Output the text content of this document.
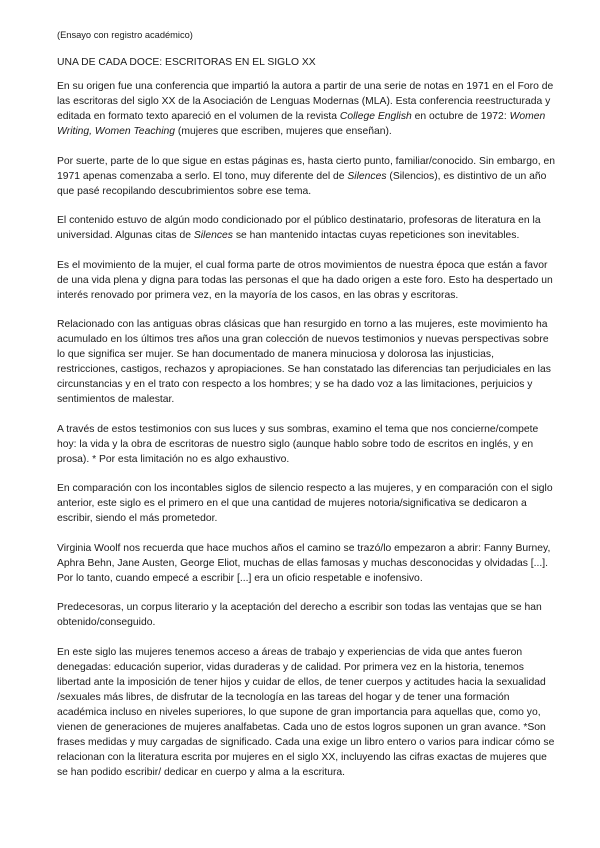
(Ensayo con registro académico)
UNA DE CADA DOCE: ESCRITORAS EN EL SIGLO XX

En su origen fue una conferencia que impartió la autora a partir de una serie de notas en 1971 en el Foro de las escritoras del siglo XX de la Asociación de Lenguas Modernas (MLA). Esta conferencia reestructurada y editada en formato texto apareció en el volumen de la revista College English en octubre de 1972: Women Writing, Women Teaching (mujeres que escriben, mujeres que enseñan).

Por suerte, parte de lo que sigue en estas páginas es, hasta cierto punto, familiar/conocido. Sin embargo, en 1971 apenas comenzaba a serlo. El tono, muy diferente del de Silences (Silencios), es distintivo de un año que pasé recopilando descubrimientos sobre ese tema.

El contenido estuvo de algún modo condicionado por el público destinatario, profesoras de literatura en la universidad. Algunas citas de Silences se han mantenido intactas cuyas repeticiones son inevitables.

Es el movimiento de la mujer, el cual forma parte de otros movimientos de nuestra época que están a favor de una vida plena y digna para todas las personas el que ha dado origen a este foro. Esto ha despertado un interés renovado por primera vez, en la mayoría de los casos, en las obras y escritoras.

Relacionado con las antiguas obras clásicas que han resurgido en torno a las mujeres, este movimiento ha acumulado en los últimos tres años una gran colección de nuevos testimonios y nuevas perspectivas sobre lo que significa ser mujer. Se han documentado de manera minuciosa y dolorosa las injusticias, restricciones, castigos, rechazos y apropiaciones. Se han constatado las diferencias tan perjudiciales en las circunstancias y en el trato con respecto a los hombres; y se ha dado voz a las limitaciones, perjuicios y sentimientos de malestar.

A través de estos testimonios con sus luces y sus sombras, examino el tema que nos concierne/compete hoy: la vida y la obra de escritoras de nuestro siglo (aunque hablo sobre todo de escritos en inglés, y en prosa). * Por esta limitación no es algo exhaustivo.

En comparación con los incontables siglos de silencio respecto a las mujeres, y en comparación con el siglo anterior, este siglo es el primero en el que una cantidad de mujeres notoria/significativa se dedicaron a escribir, siendo el más prometedor.

Virginia Woolf nos recuerda que hace muchos años el camino se trazó/lo empezaron a abrir: Fanny Burney, Aphra Behn, Jane Austen, George Eliot, muchas de ellas famosas y muchas desconocidas y olvidadas [...]. Por lo tanto, cuando empecé a escribir [...] era un oficio respetable e inofensivo.

Predecesoras, un corpus literario y la aceptación del derecho a escribir son todas las ventajas que se han obtenido/conseguido.

En este siglo las mujeres tenemos acceso a áreas de trabajo y experiencias de vida que antes fueron denegadas: educación superior, vidas duraderas y de calidad. Por primera vez en la historia, tenemos libertad ante la imposición de tener hijos y cuidar de ellos, de tener cuerpos y actitudes hacia la sexualidad /sexuales más libres, de disfrutar de la tecnología en las tareas del hogar y de tener una formación académica incluso en niveles superiores, lo que supone de gran importancia para aquellas que, como yo, vienen de generaciones de mujeres analfabetas. Cada uno de estos logros suponen un gran avance. *Son frases medidas y muy cargadas de significado. Cada una exige un libro entero o varios para indicar cómo se relacionan con la literatura escrita por mujeres en el siglo XX, incluyendo las cifras exactas de mujeres que se han podido escribir/ dedicar en cuerpo y alma a la escritura.
